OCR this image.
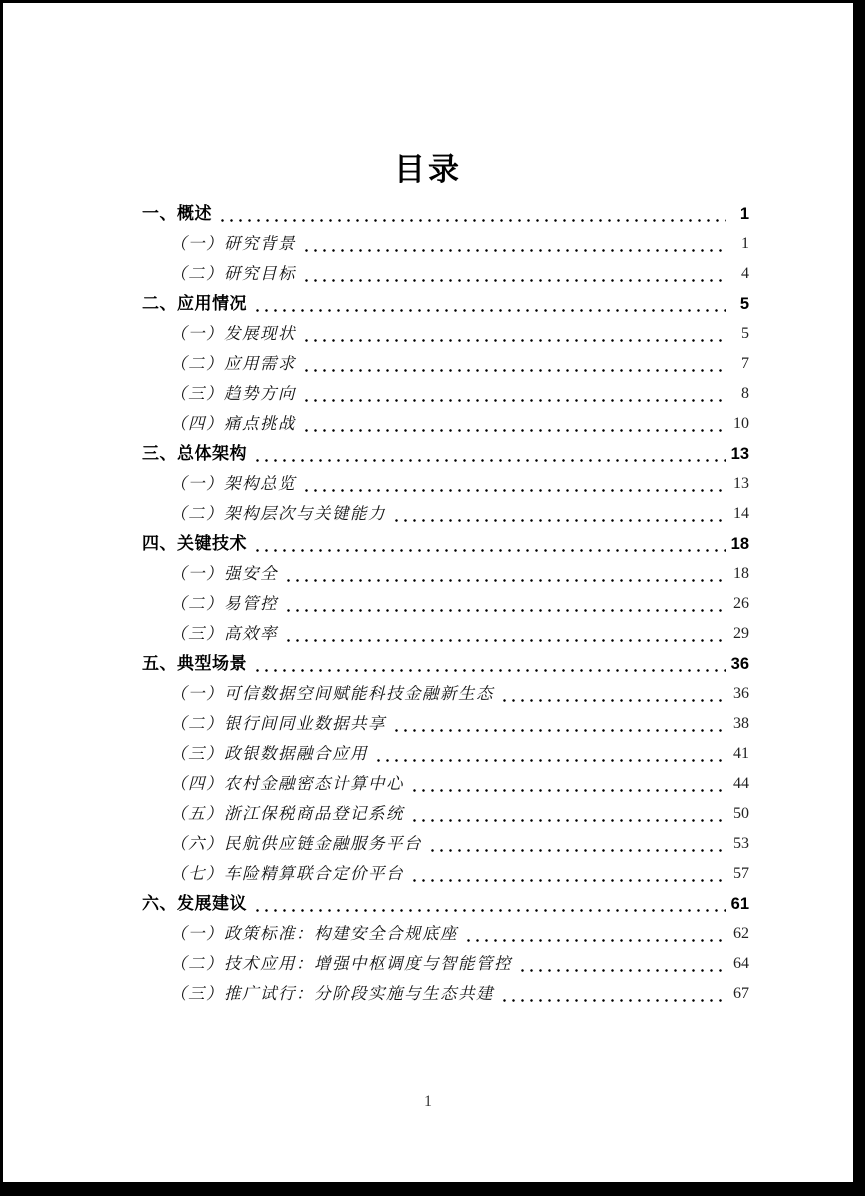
目录
一、概述	1
（一）研究背景	1
（二）研究目标	4
二、应用情况	5
（一）发展现状	5
（二）应用需求	7
（三）趋势方向	8
（四）痛点挑战	10
三、总体架构	13
（一）架构总览	13
（二）架构层次与关键能力	14
四、关键技术	18
（一）强安全	18
（二）易管控	26
（三）高效率	29
五、典型场景	36
（一）可信数据空间赋能科技金融新生态	36
（二）银行间同业数据共享	38
（三）政银数据融合应用	41
（四）农村金融密态计算中心	44
（五）浙江保税商品登记系统	50
（六）民航供应链金融服务平台	53
（七）车险精算联合定价平台	57
六、发展建议	61
（一）政策标准：构建安全合规底座	62
（二）技术应用：增强中枢调度与智能管控	64
（三）推广试行：分阶段实施与生态共建	67
1
